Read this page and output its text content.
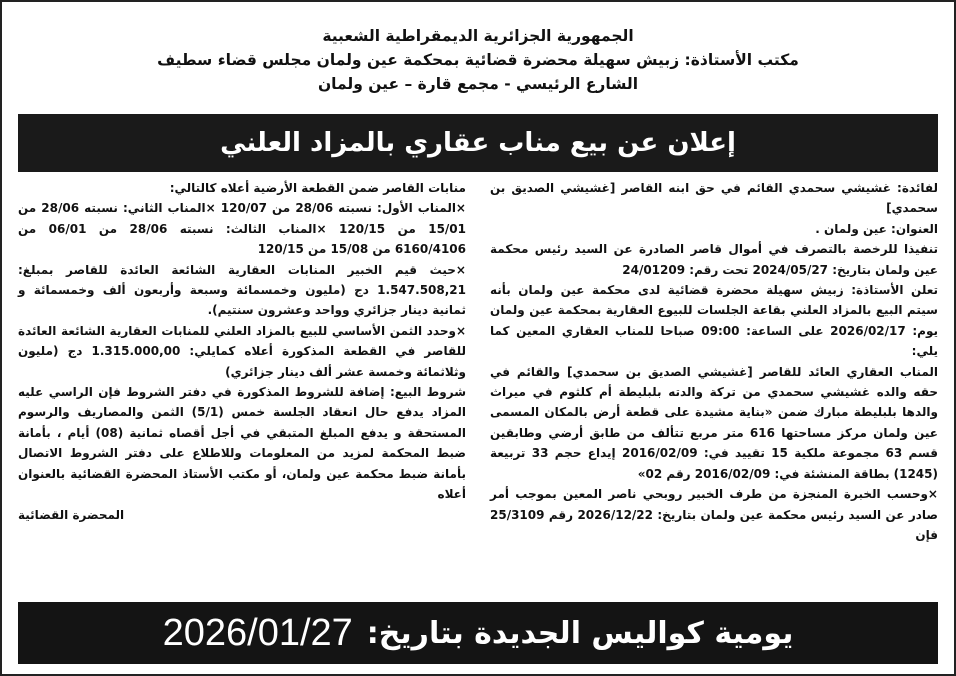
الجمهورية الجزائرية الديمقراطية الشعبية
مكتب الأستاذة: زبيش سهيلة محضرة قضائية بمحكمة عين ولمان مجلس قضاء سطيف
الشارع الرئيسي - مجمع قارة – عين ولمان
إعلان عن بيع مناب عقاري بالمزاد العلني

لفائدة: غشيشي سحمدي القائم في حق ابنه القاصر [غشيشي الصديق بن سحمدي]

العنوان: عين ولمان .

تنفيذا للرخصة بالتصرف في أموال قاصر الصادرة عن السيد رئيس محكمة عين ولمان بتاريخ: 2024/05/27 تحت رقم: 24/01209

تعلن الأستاذة: زبيش سهيلة محضرة قضائية لدى محكمة عين ولمان بأنه سيتم البيع بالمزاد العلني بقاعة الجلسات للبيوع العقارية بمحكمة عين ولمان يوم: 2026/02/17 على الساعة: 09:00 صباحا للمناب العقاري المعين كما يلي:

المناب العقاري العائد للقاصر [غشيشي الصديق بن سحمدي] والقائم في حقه والده غشيشي سحمدي من تركة والدته بلبليطة أم كلثوم في ميراث والدها بلبليطة مبارك ضمن «بناية مشيدة على قطعة أرض بالمكان المسمى عين ولمان مركز مساحتها 616 متر مربع تتألف من طابق أرضي وطابقين قسم 63 مجموعة ملكية 15 تقييد في: 2016/02/09 إيداع حجم 33 تربيعة (1245) بطاقة المنشئة في: 2016/02/09 رقم 02»

×وحسب الخبرة المنجزة من طرف الخبير روبحي ناصر المعين بموجب أمر صادر عن السيد رئيس محكمة عين ولمان بتاريخ: 2026/12/22 رقم 25/3109 فإن

منابات القاصر ضمن القطعة الأرضية أعلاه كالتالي:

×المناب الأول: نسبته 28/06 من 120/07 ×المناب الثاني: نسبته 28/06 من 15/01 من 120/15 ×المناب الثالث: نسبته 28/06 من 06/01 من 6160/4106 من 15/08 من 120/15

×حيث قيم الخبير المنابات العقارية الشائعة العائدة للقاصر بمبلغ: 1.547.508,21 دج (مليون وخمسمائة وسبعة وأربعون ألف وخمسمائة و ثمانية دينار جزائري وواحد وعشرون سنتيم).

×وحدد الثمن الأساسي للبيع بالمزاد العلني للمنابات العقارية الشائعة العائدة للقاصر في القطعة المذكورة أعلاه كمايلي: 1.315.000,00 دج (مليون وثلاثمائة وخمسة عشر ألف دينار جزائري)

شروط البيع: إضافة للشروط المذكورة في دفتر الشروط فإن الراسي عليه المزاد يدفع حال انعقاد الجلسة خمس (5/1) الثمن والمصاريف والرسوم المستحقة و يدفع المبلغ المتبقي في أجل أقصاه ثمانية (08) أيام ، بأمانة ضبط المحكمة لمزيد من المعلومات وللاطلاع على دفتر الشروط الاتصال بأمانة ضبط محكمة عين ولمان، أو مكتب الأستاذ المحضرة القضائية بالعنوان أعلاه

المحضرة القضائية

يومية كواليس الجديدة بتاريخ:
2026/01/27
